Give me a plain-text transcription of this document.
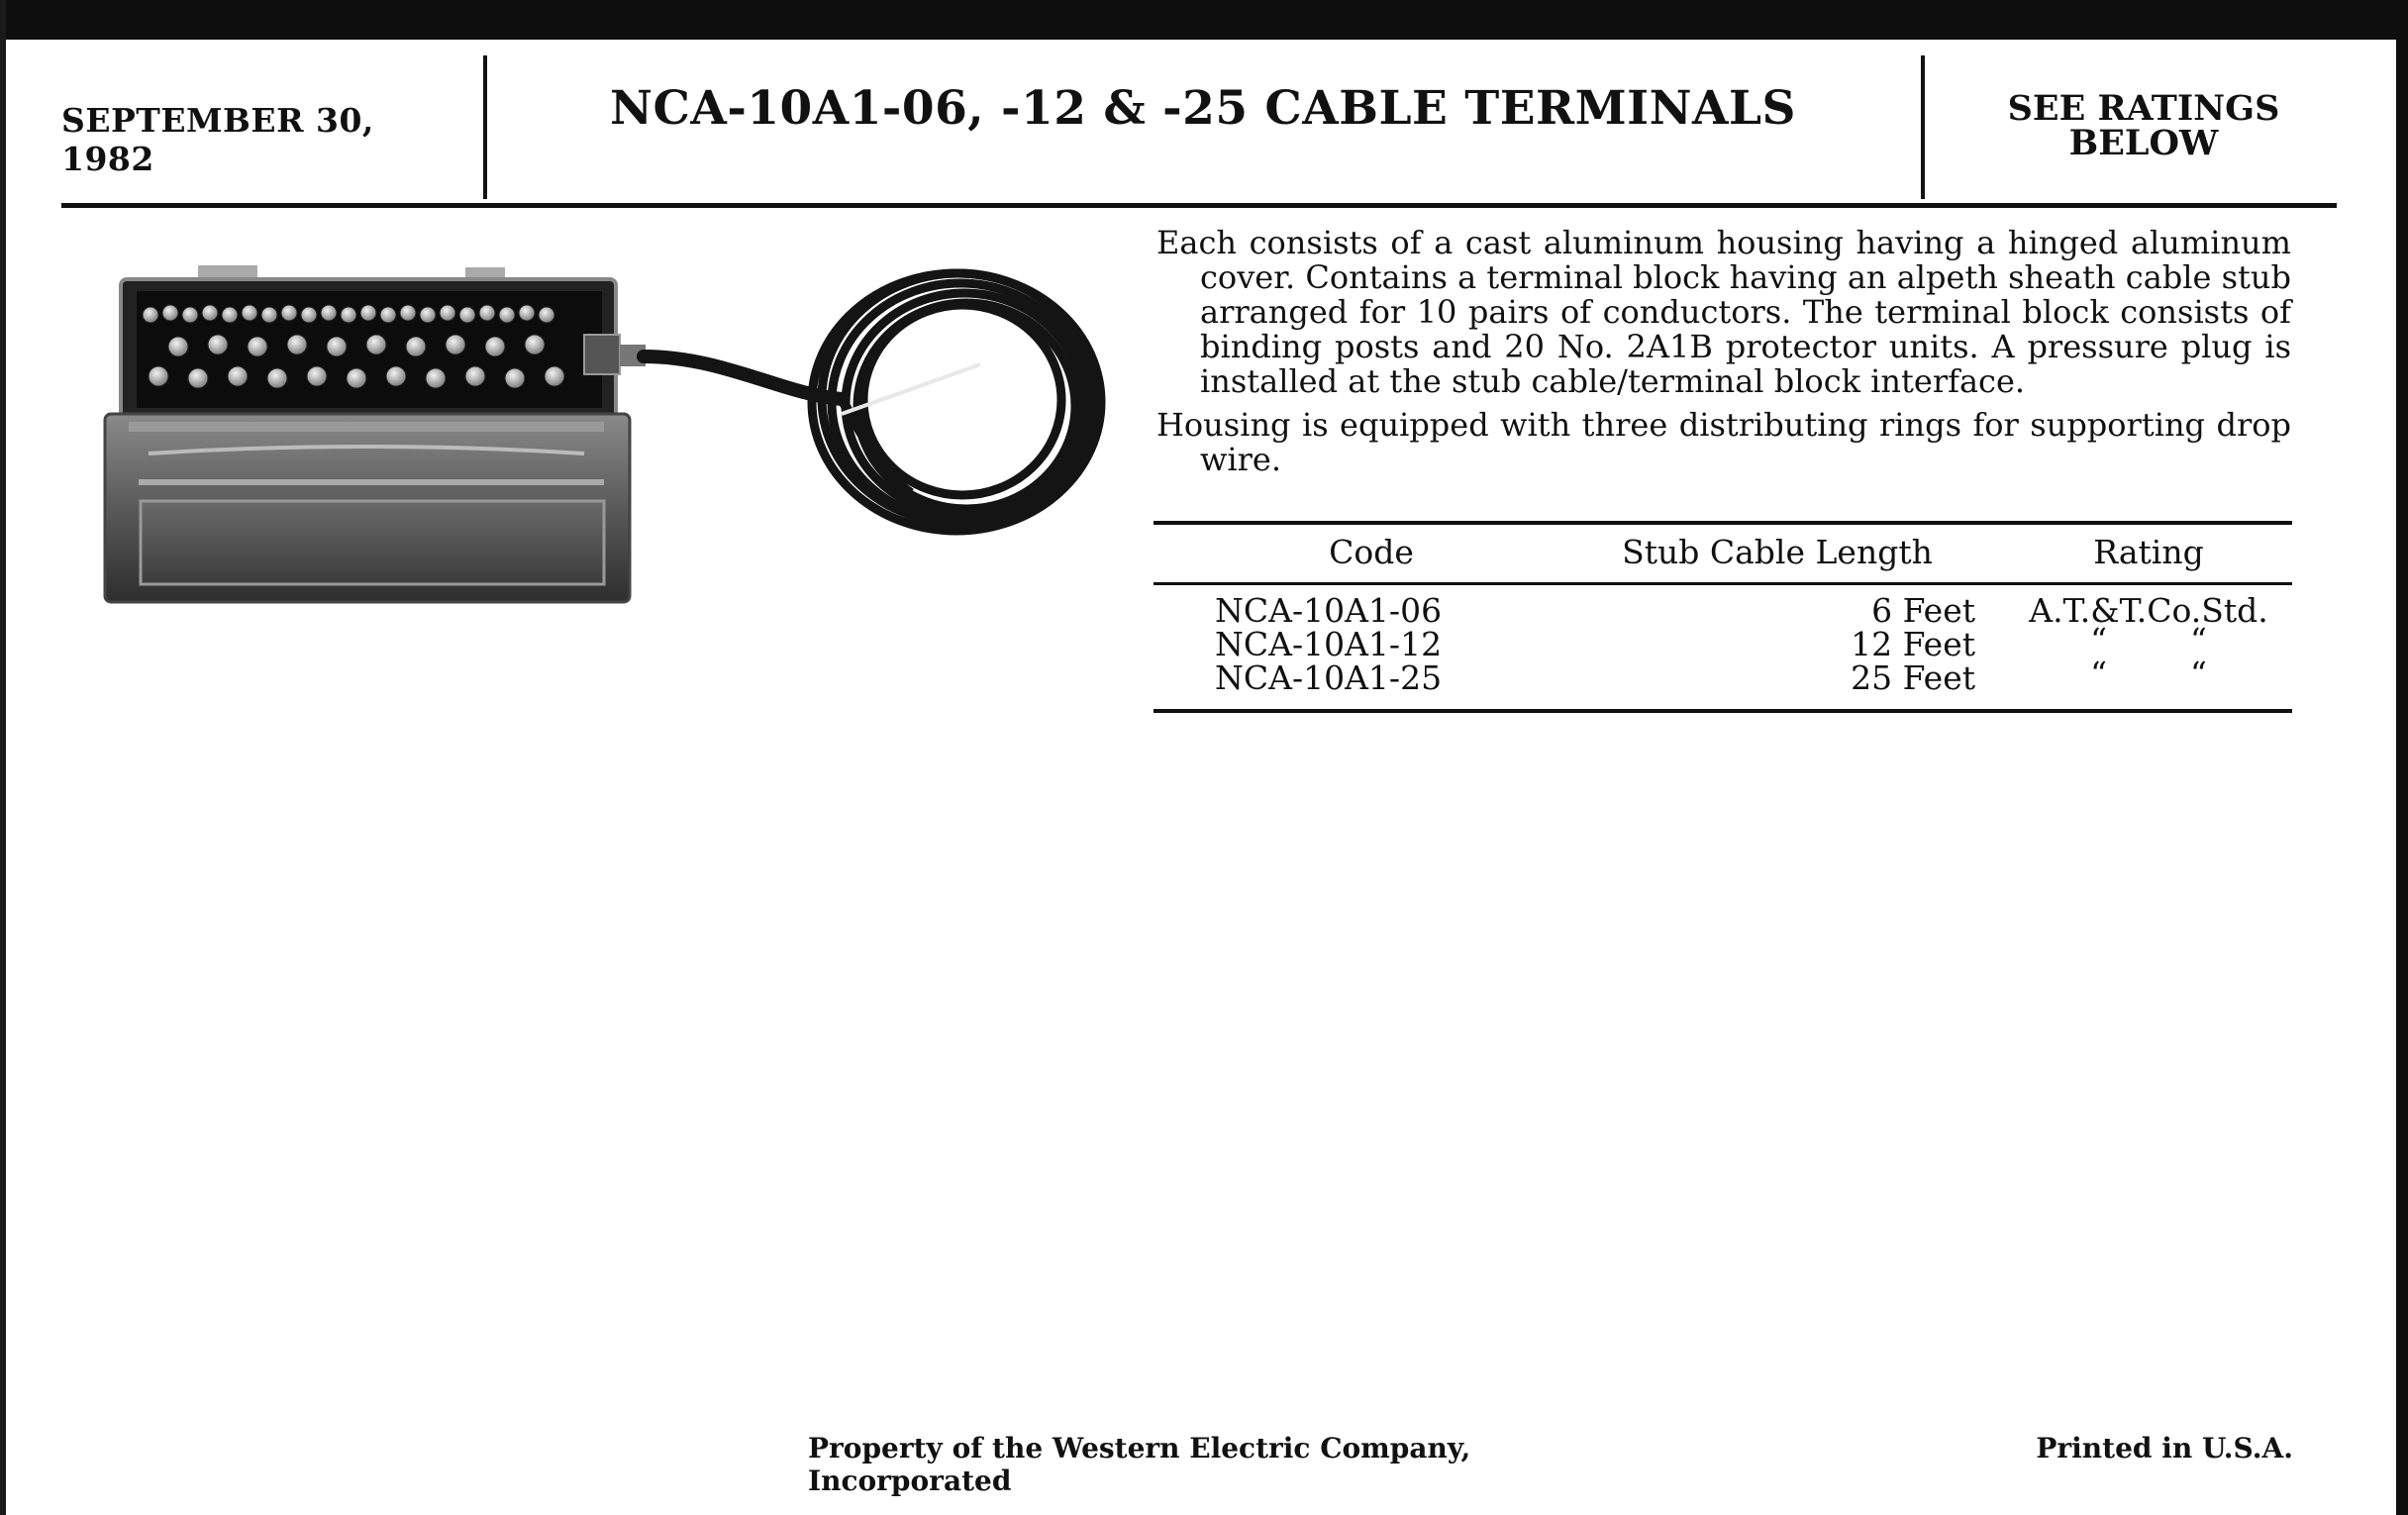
SEPTEMBER 30, 1982
NCA-10A1-06, -12 & -25 CABLE TERMINALS	SEE RATINGS
BELOW

Each consists of a cast aluminum housing having a hinged aluminum cover. Contains a terminal block having an alpeth sheath cable stub arranged for 10 pairs of conductors. The terminal block consists of binding posts and 20 No. 2A1B protector units. A pressure plug is installed at the stub cable/terminal block interface.

Housing is equipped with three distributing rings for supporting drop wire.

Code	Stub Cable Length	Rating
NCA-10A1-06	6 Feet	A.T.&T.Co.Std.
NCA-10A1-12	12 Feet	“        “
NCA-10A1-25	25 Feet	“        “
Property of the Western Electric Company, Incorporated
Printed in U.S.A.
